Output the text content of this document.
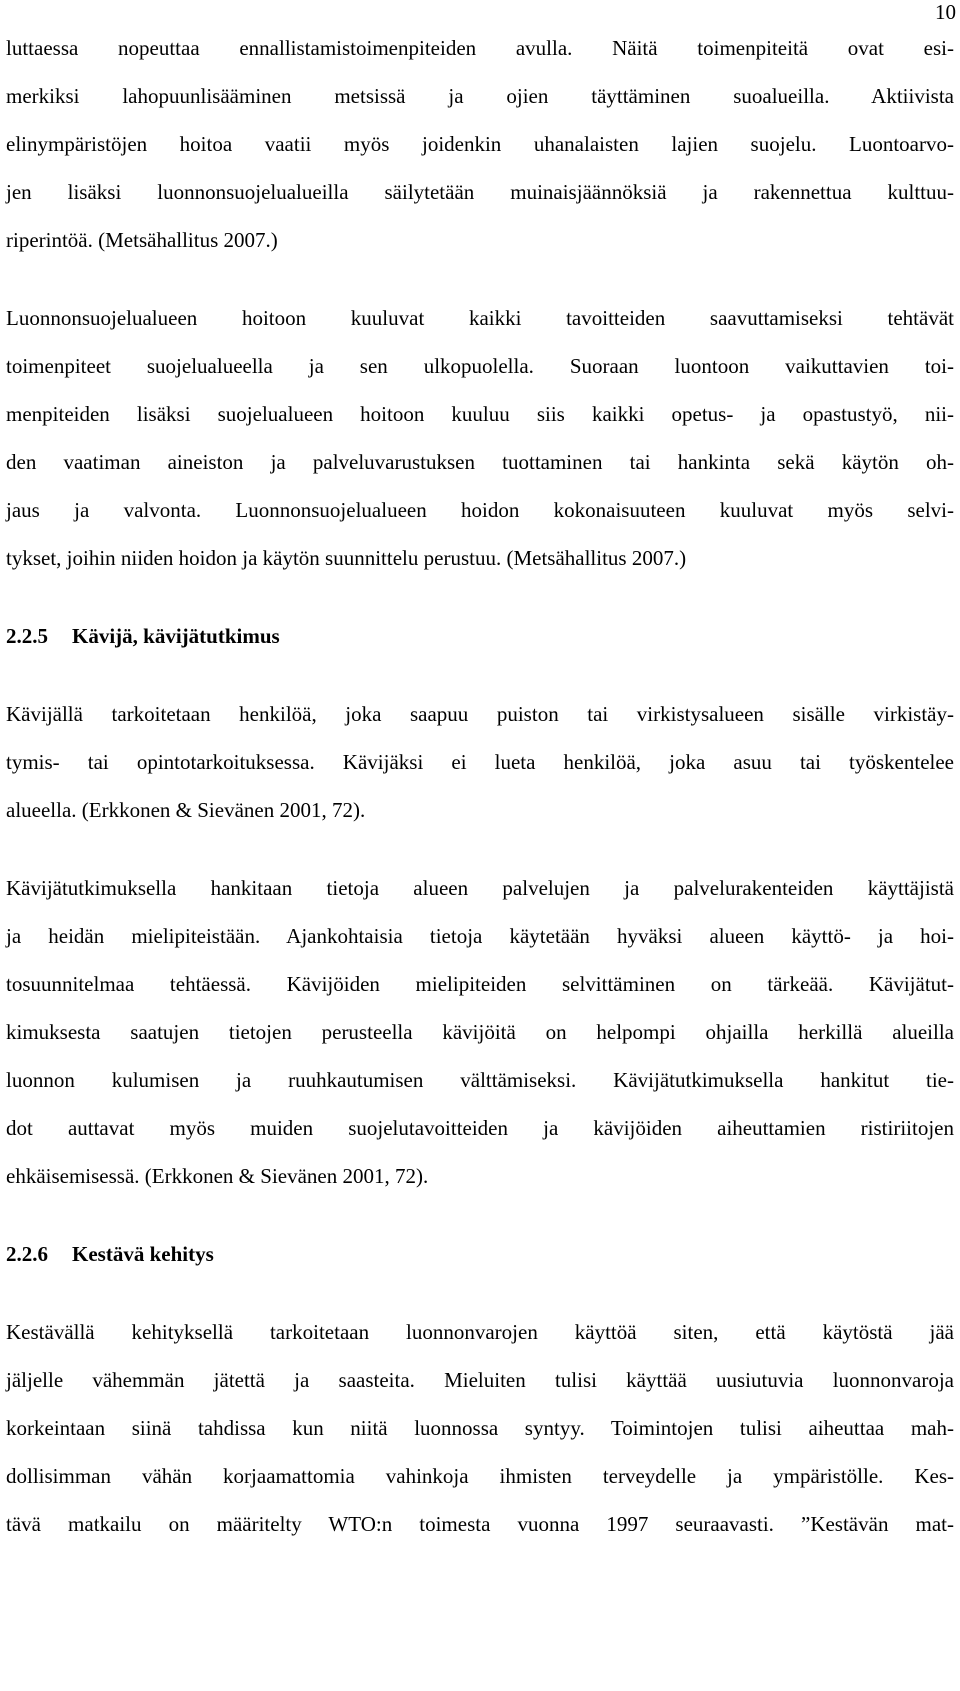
10
luttaessa nopeuttaa ennallistamistoimenpiteiden avulla. Näitä toimenpiteitä ovat esi-
merkiksi lahopuunlisääminen metsissä ja ojien täyttäminen suoalueilla. Aktiivista
elinympäristöjen hoitoa vaatii myös joidenkin uhanalaisten lajien suojelu. Luontoarvo-
jen lisäksi luonnonsuojelualueilla säilytetään muinaisjäännöksiä ja rakennettua kulttuu-
riperintöä. (Metsähallitus 2007.)
Luonnonsuojelualueen hoitoon kuuluvat kaikki tavoitteiden saavuttamiseksi tehtävät
toimenpiteet suojelualueella ja sen ulkopuolella. Suoraan luontoon vaikuttavien toi-
menpiteiden lisäksi suojelualueen hoitoon kuuluu siis kaikki opetus- ja opastustyö, nii-
den vaatiman aineiston ja palveluvarustuksen tuottaminen tai hankinta sekä käytön oh-
jaus ja valvonta. Luonnonsuojelualueen hoidon kokonaisuuteen kuuluvat myös selvi-
tykset, joihin niiden hoidon ja käytön suunnittelu perustuu. (Metsähallitus 2007.)
2.2.5 Kävijä, kävijätutkimus
Kävijällä tarkoitetaan henkilöä, joka saapuu puiston tai virkistysalueen sisälle virkistäy-
tymis- tai opintotarkoituksessa. Kävijäksi ei lueta henkilöä, joka asuu tai työskentelee
alueella. (Erkkonen & Sievänen 2001, 72).
Kävijätutkimuksella hankitaan tietoja alueen palvelujen ja palvelurakenteiden käyttäjistä
ja heidän mielipiteistään. Ajankohtaisia tietoja käytetään hyväksi alueen käyttö- ja hoi-
tosuunnitelmaa tehtäessä. Kävijöiden mielipiteiden selvittäminen on tärkeää. Kävijätut-
kimuksesta saatujen tietojen perusteella kävijöitä on helpompi ohjailla herkillä alueilla
luonnon kulumisen ja ruuhkautumisen välttämiseksi. Kävijätutkimuksella hankitut tie-
dot auttavat myös muiden suojelutavoitteiden ja kävijöiden aiheuttamien ristiriitojen
ehkäisemisessä. (Erkkonen & Sievänen 2001, 72).
2.2.6 Kestävä kehitys
Kestävällä kehityksellä tarkoitetaan luonnonvarojen käyttöä siten, että käytöstä jää
jäljelle vähemmän jätettä ja saasteita. Mieluiten tulisi käyttää uusiutuvia luonnonvaroja
korkeintaan siinä tahdissa kun niitä luonnossa syntyy. Toimintojen tulisi aiheuttaa mah-
dollisimman vähän korjaamattomia vahinkoja ihmisten terveydelle ja ympäristölle. Kes-
tävä matkailu on määritelty WTO:n toimesta vuonna 1997 seuraavasti. ”Kestävän mat-
